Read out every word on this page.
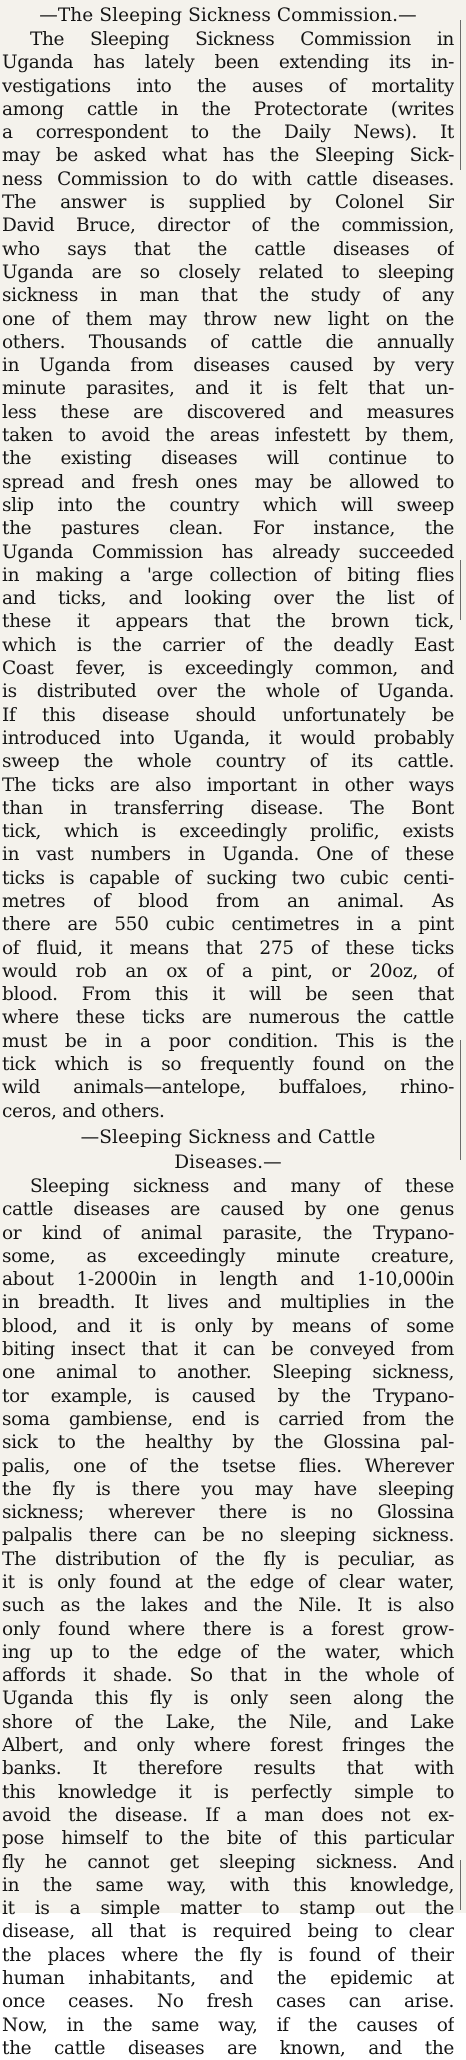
—The Sleeping Sickness Commission.—
The Sleeping Sickness Commission in
Uganda has lately been extending its in-
vestigations into the auses of mortality
among cattle in the Protectorate (writes
a correspondent to the Daily News). It
may be asked what has the Sleeping Sick-
ness Commission to do with cattle diseases.
The answer is supplied by Colonel Sir
David Bruce, director of the commission,
who says that the cattle diseases of
Uganda are so closely related to sleeping
sickness in man that the study of any
one of them may throw new light on the
others. Thousands of cattle die annually
in Uganda from diseases caused by very
minute parasites, and it is felt that un-
less these are discovered and measures
taken to avoid the areas infestett by them,
the existing diseases will continue to
spread and fresh ones may be allowed to
slip into the country which will sweep
the pastures clean. For instance, the
Uganda Commission has already succeeded
in making a 'arge collection of biting flies
and ticks, and looking over the list of
these it appears that the brown tick,
which is the carrier of the deadly East
Coast fever, is exceedingly common, and
is distributed over the whole of Uganda.
If this disease should unfortunately be
introduced into Uganda, it would probably
sweep the whole country of its cattle.
The ticks are also important in other ways
than in transferring disease. The Bont
tick, which is exceedingly prolific, exists
in vast numbers in Uganda. One of these
ticks is capable of sucking two cubic centi-
metres of blood from an animal. As
there are 550 cubic centimetres in a pint
of fluid, it means that 275 of these ticks
would rob an ox of a pint, or 20oz, of
blood. From this it will be seen that
where these ticks are numerous the cattle
must be in a poor condition. This is the
tick which is so frequently found on the
wild animals—antelope, buffaloes, rhino-
ceros, and others.
—Sleeping Sickness and Cattle
Diseases.—
Sleeping sickness and many of these
cattle diseases are caused by one genus
or kind of animal parasite, the Trypano-
some, as exceedingly minute creature,
about 1-2000in in length and 1-10,000in
in breadth. It lives and multiplies in the
blood, and it is only by means of some
biting insect that it can be conveyed from
one animal to another. Sleeping sickness,
tor example, is caused by the Trypano-
soma gambiense, end is carried from the
sick to the healthy by the Glossina pal-
palis, one of the tsetse flies. Wherever
the fly is there you may have sleeping
sickness; wherever there is no Glossina
palpalis there can be no sleeping sickness.
The distribution of the fly is peculiar, as
it is only found at the edge of clear water,
such as the lakes and the Nile. It is also
only found where there is a forest grow-
ing up to the edge of the water, which
affords it shade. So that in the whole of
Uganda this fly is only seen along the
shore of the Lake, the Nile, and Lake
Albert, and only where forest fringes the
banks. It therefore results that with
this knowledge it is perfectly simple to
avoid the disease. If a man does not ex-
pose himself to the bite of this particular
fly he cannot get sleeping sickness. And
in the same way, with this knowledge,
it is a simple matter to stamp out the
disease, all that is required being to clear
the places where the fly is found of their
human inhabitants, and the epidemic at
once ceases. No fresh cases can arise.
Now, in the same way, if the causes of
the cattle diseases are known, and the
